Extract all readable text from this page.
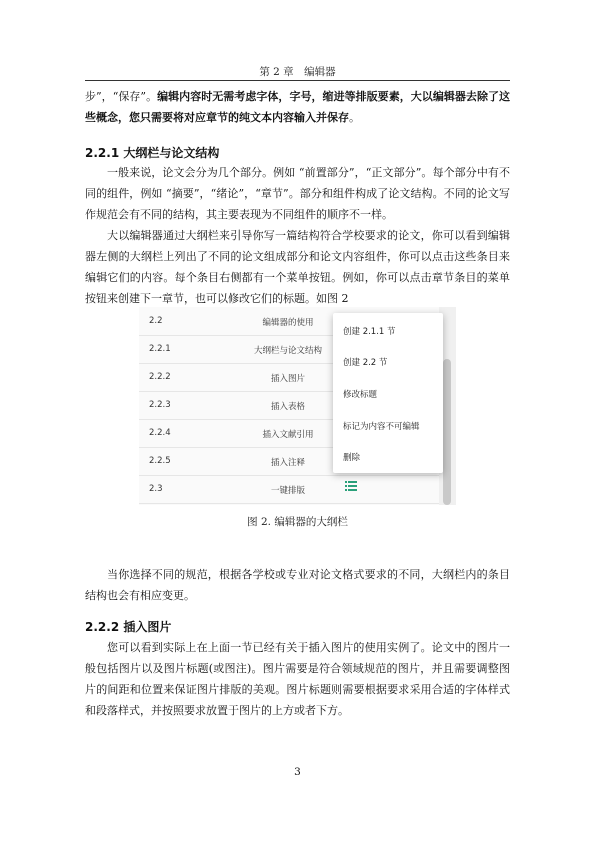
第 2 章　编辑器

步”，“保存”。编辑内容时无需考虑字体，字号，缩进等排版要素，大以编辑器去除了这些概念，您只需要将对应章节的纯文本内容输入并保存。

2.2.1 大纲栏与论文结构

一般来说，论文会分为几个部分。例如 “前置部分”，“正文部分”。每个部分中有不同的组件，例如 “摘要”，“绪论”，“章节”。部分和组件构成了论文结构。不同的论文写作规范会有不同的结构，其主要表现为不同组件的顺序不一样。

大以编辑器通过大纲栏来引导你写一篇结构符合学校要求的论文，你可以看到编辑器左侧的大纲栏上列出了不同的论文组成部分和论文内容组件，你可以点击这些条目来编辑它们的内容。每个条目右侧都有一个菜单按钮。例如，你可以点击章节条目的菜单按钮来创建下一章节，也可以修改它们的标题。如图 2

2.2	编辑器的使用
2.2.1	大纲栏与论文结构
2.2.2	插入图片
2.2.3	插入表格
2.2.4	插入文献引用
2.2.5	插入注释
2.3	一键排版
创建 2.1.1 节
创建 2.2 节
修改标题
标记为内容不可编辑
删除
图 2. 编辑器的大纲栏

当你选择不同的规范，根据各学校或专业对论文格式要求的不同，大纲栏内的条目结构也会有相应变更。

2.2.2 插入图片

您可以看到实际上在上面一节已经有关于插入图片的使用实例了。论文中的图片一般包括图片以及图片标题(或图注)。图片需要是符合领域规范的图片，并且需要调整图片的间距和位置来保证图片排版的美观。图片标题则需要根据要求采用合适的字体样式和段落样式，并按照要求放置于图片的上方或者下方。

3
